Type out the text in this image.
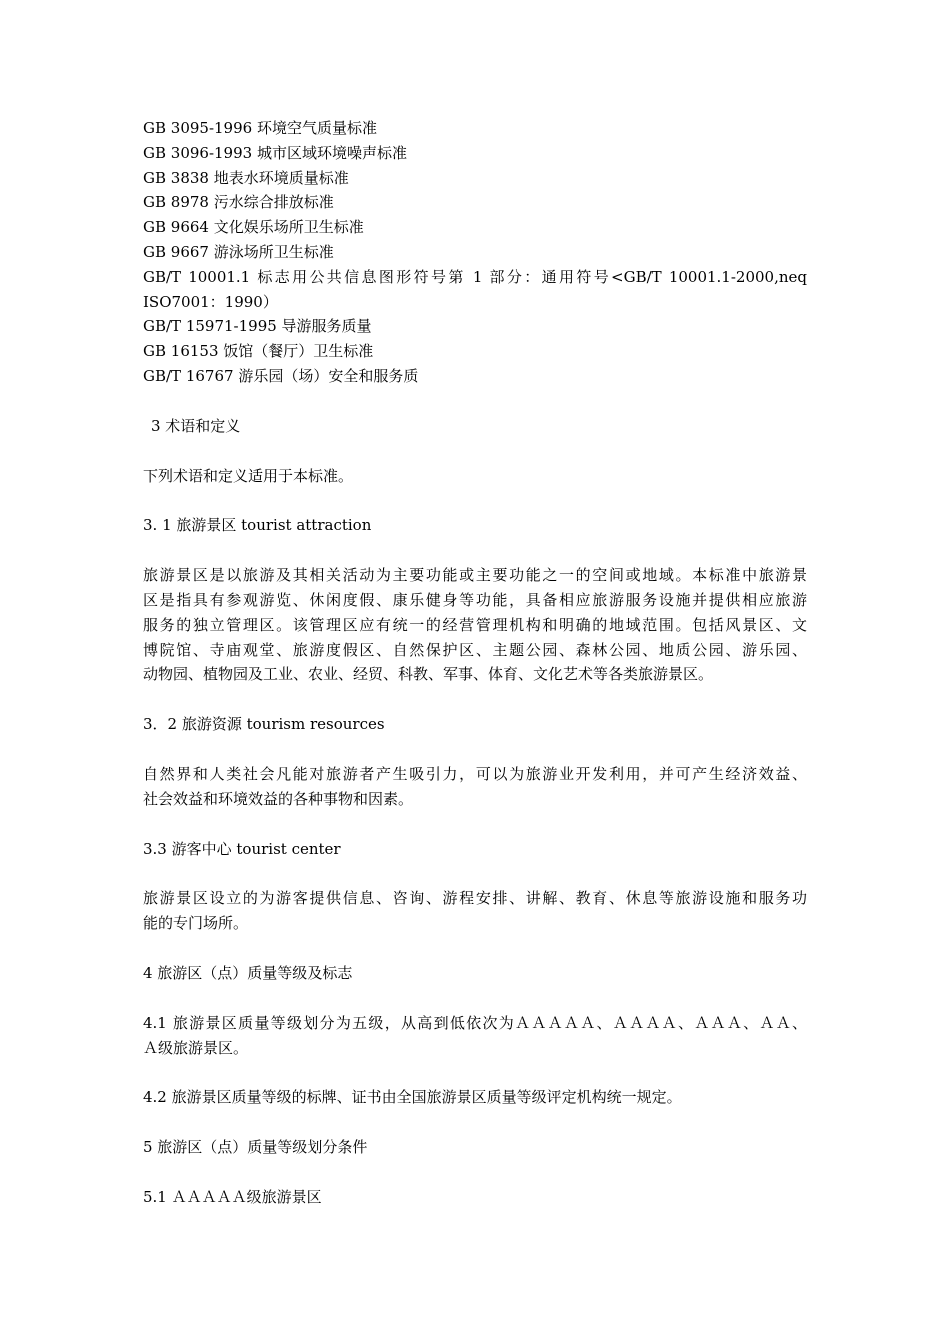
GB 3095-1996 环境空气质量标准
GB 3096-1993 城市区域环境噪声标准
GB 3838 地表水环境质量标准
GB 8978 污水综合排放标准
GB 9664 文化娱乐场所卫生标准
GB 9667 游泳场所卫生标准
GB/T 10001.1 标志用公共信息图形符号第 1 部分：通用符号<GB/T 10001.1-2000,neq
ISO7001：1990）
GB/T 15971-1995 导游服务质量
GB 16153 饭馆（餐厅）卫生标准
GB/T 16767 游乐园（场）安全和服务质
3 术语和定义
下列术语和定义适用于本标准。
3. 1 旅游景区 tourist attraction
旅游景区是以旅游及其相关活动为主要功能或主要功能之一的空间或地域。本标准中旅游景
区是指具有参观游览、休闲度假、康乐健身等功能，具备相应旅游服务设施并提供相应旅游
服务的独立管理区。该管理区应有统一的经营管理机构和明确的地域范围。包括风景区、文
博院馆、寺庙观堂、旅游度假区、自然保护区、主题公园、森林公园、地质公园、游乐园、
动物园、植物园及工业、农业、经贸、科教、军事、体育、文化艺术等各类旅游景区。
3．2 旅游资源 tourism resources
自然界和人类社会凡能对旅游者产生吸引力，可以为旅游业开发利用，并可产生经济效益、
社会效益和环境效益的各种事物和因素。
3.3 游客中心 tourist center
旅游景区设立的为游客提供信息、咨询、游程安排、讲解、教育、休息等旅游设施和服务功
能的专门场所。
4 旅游区（点）质量等级及标志
4.1 旅游景区质量等级划分为五级，从高到低依次为ＡＡＡＡＡ、ＡＡＡＡ、ＡＡＡ、ＡＡ、
Ａ级旅游景区。
4.2 旅游景区质量等级的标牌、证书由全国旅游景区质量等级评定机构统一规定。
5 旅游区（点）质量等级划分条件
5.1 ＡＡＡＡＡ级旅游景区
